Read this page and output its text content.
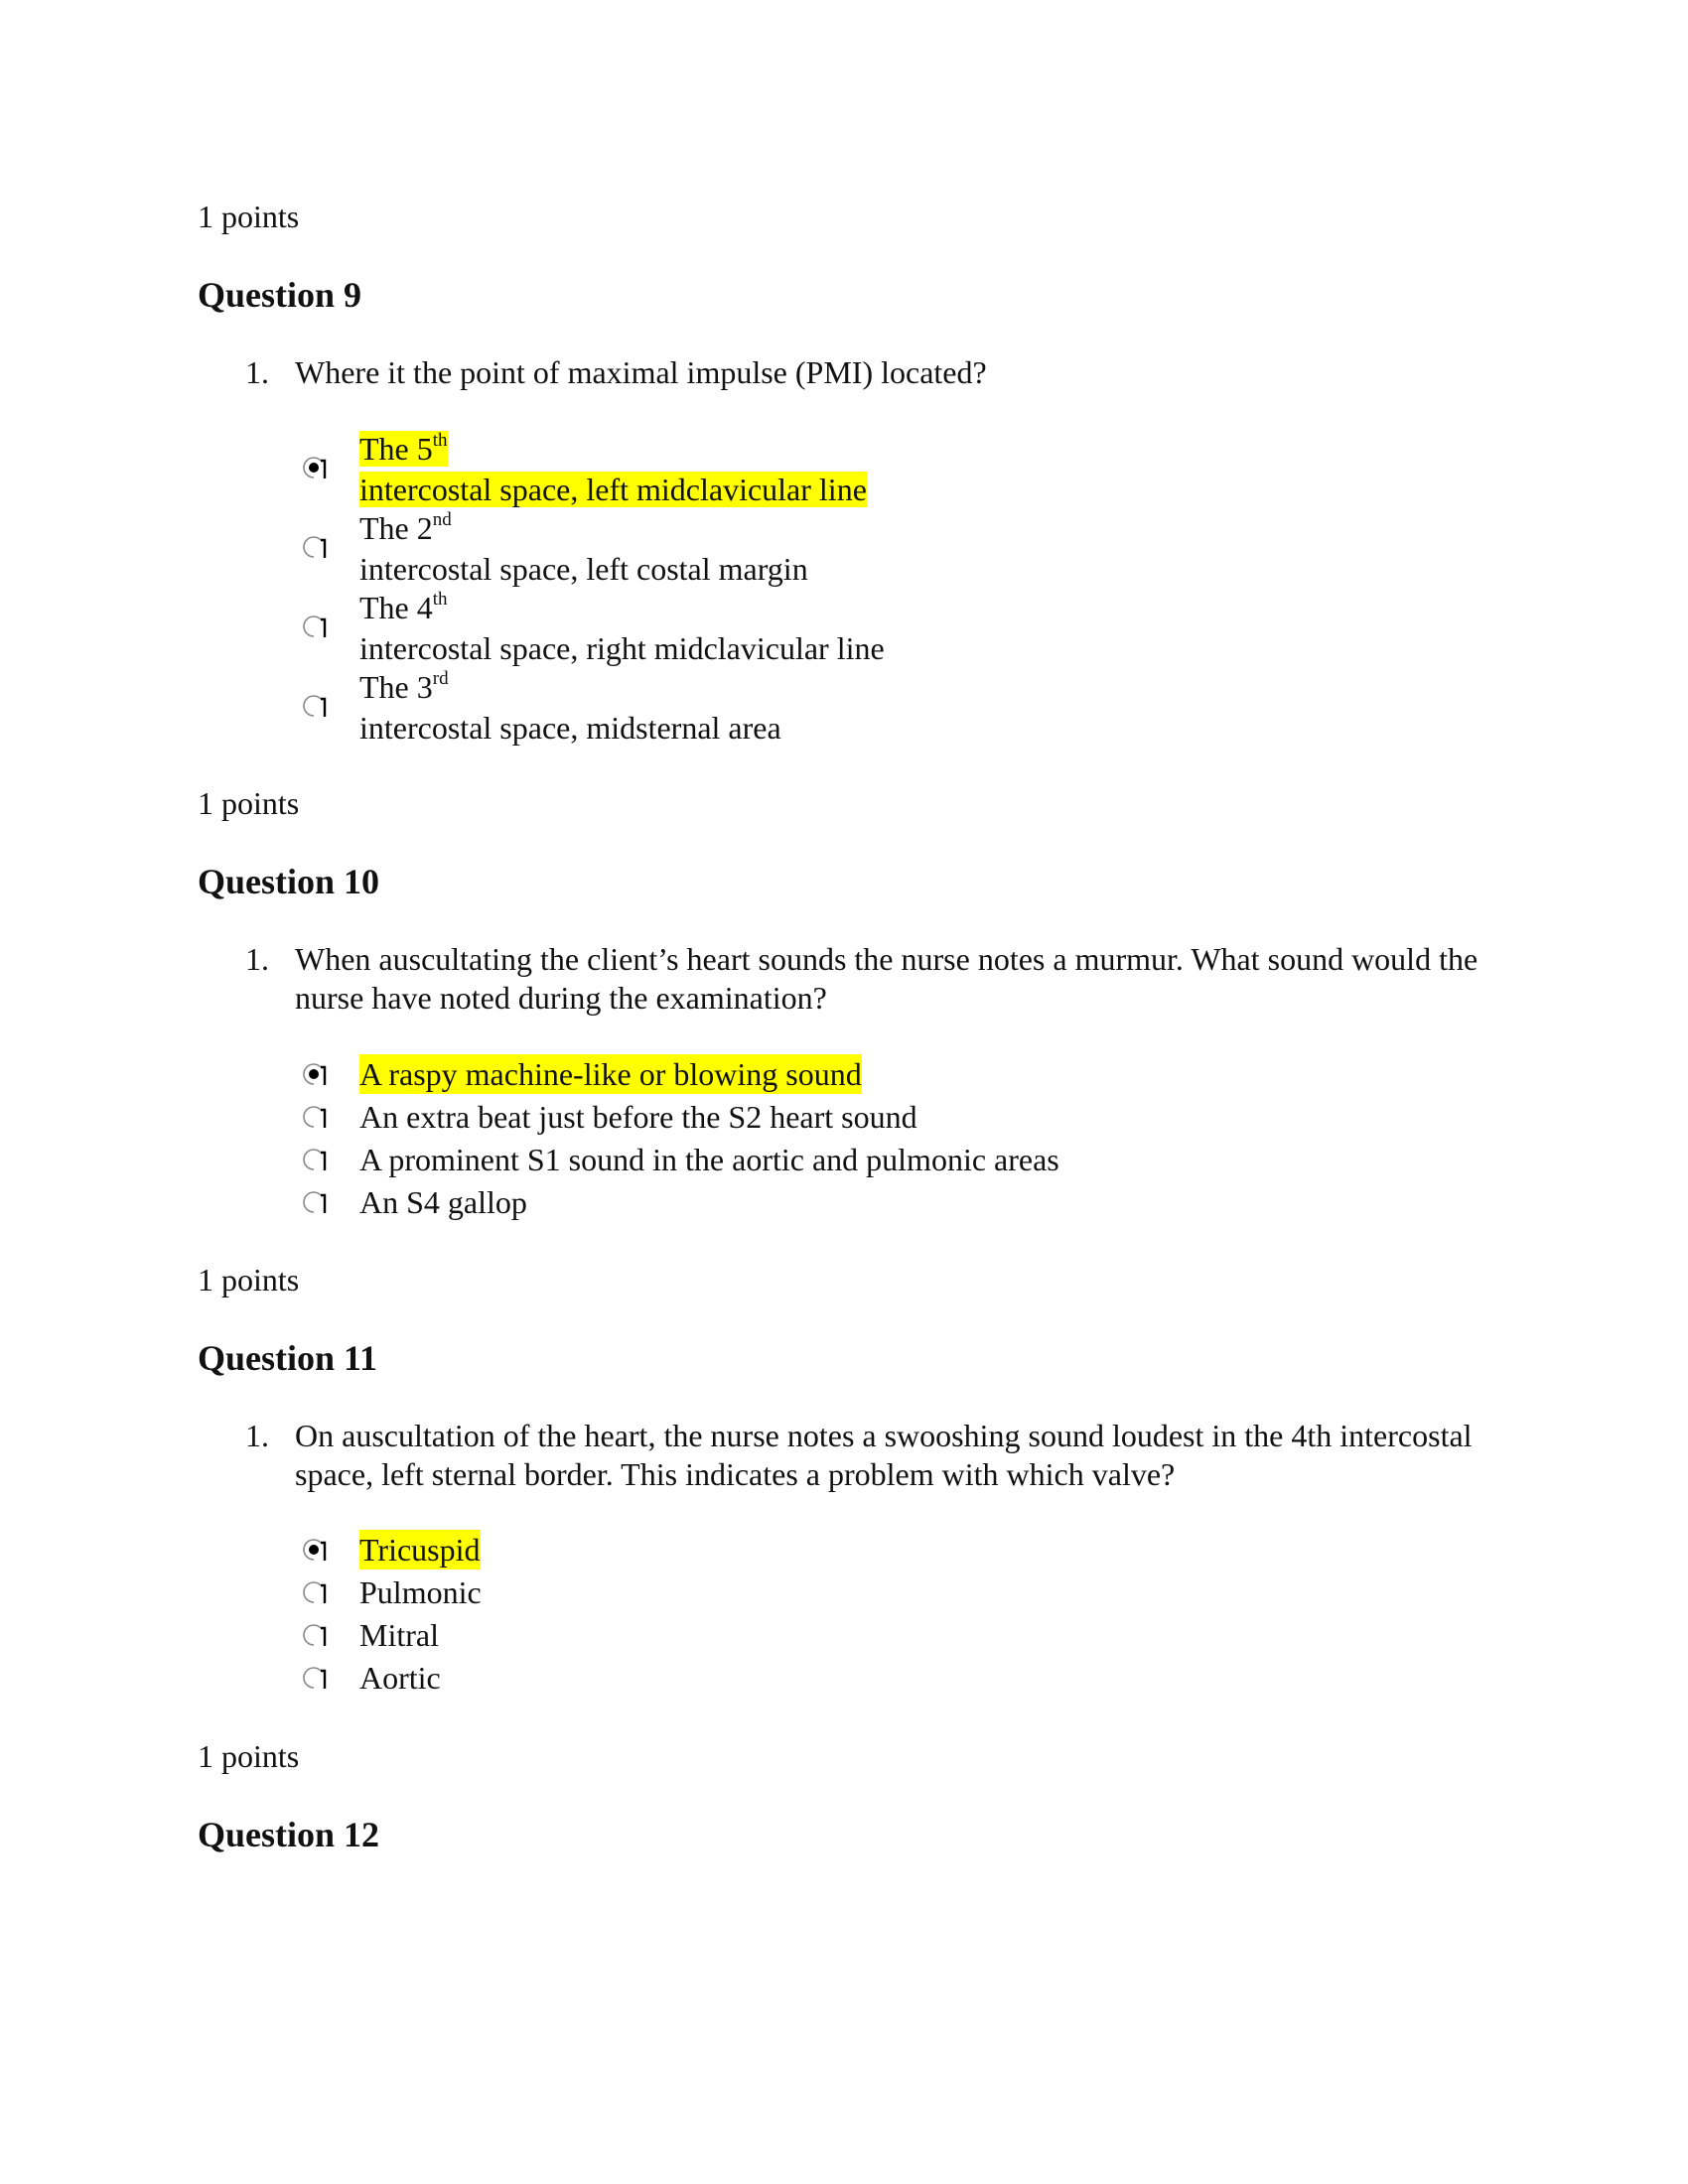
1 points
Question 9
1. Where it the point of maximal impulse (PMI) located?
The 5th
intercostal space, left midclavicular line
The 2nd
intercostal space, left costal margin
The 4th
intercostal space, right midclavicular line
The 3rd
intercostal space, midsternal area
1 points
Question 10
1. When auscultating the client’s heart sounds the nurse notes a murmur. What sound would the nurse have noted during the examination?
A raspy machine-like or blowing sound
An extra beat just before the S2 heart sound
A prominent S1 sound in the aortic and pulmonic areas
An S4 gallop
1 points
Question 11
1. On auscultation of the heart, the nurse notes a swooshing sound loudest in the 4th intercostal space, left sternal border. This indicates a problem with which valve?
Tricuspid
Pulmonic
Mitral
Aortic
1 points
Question 12
